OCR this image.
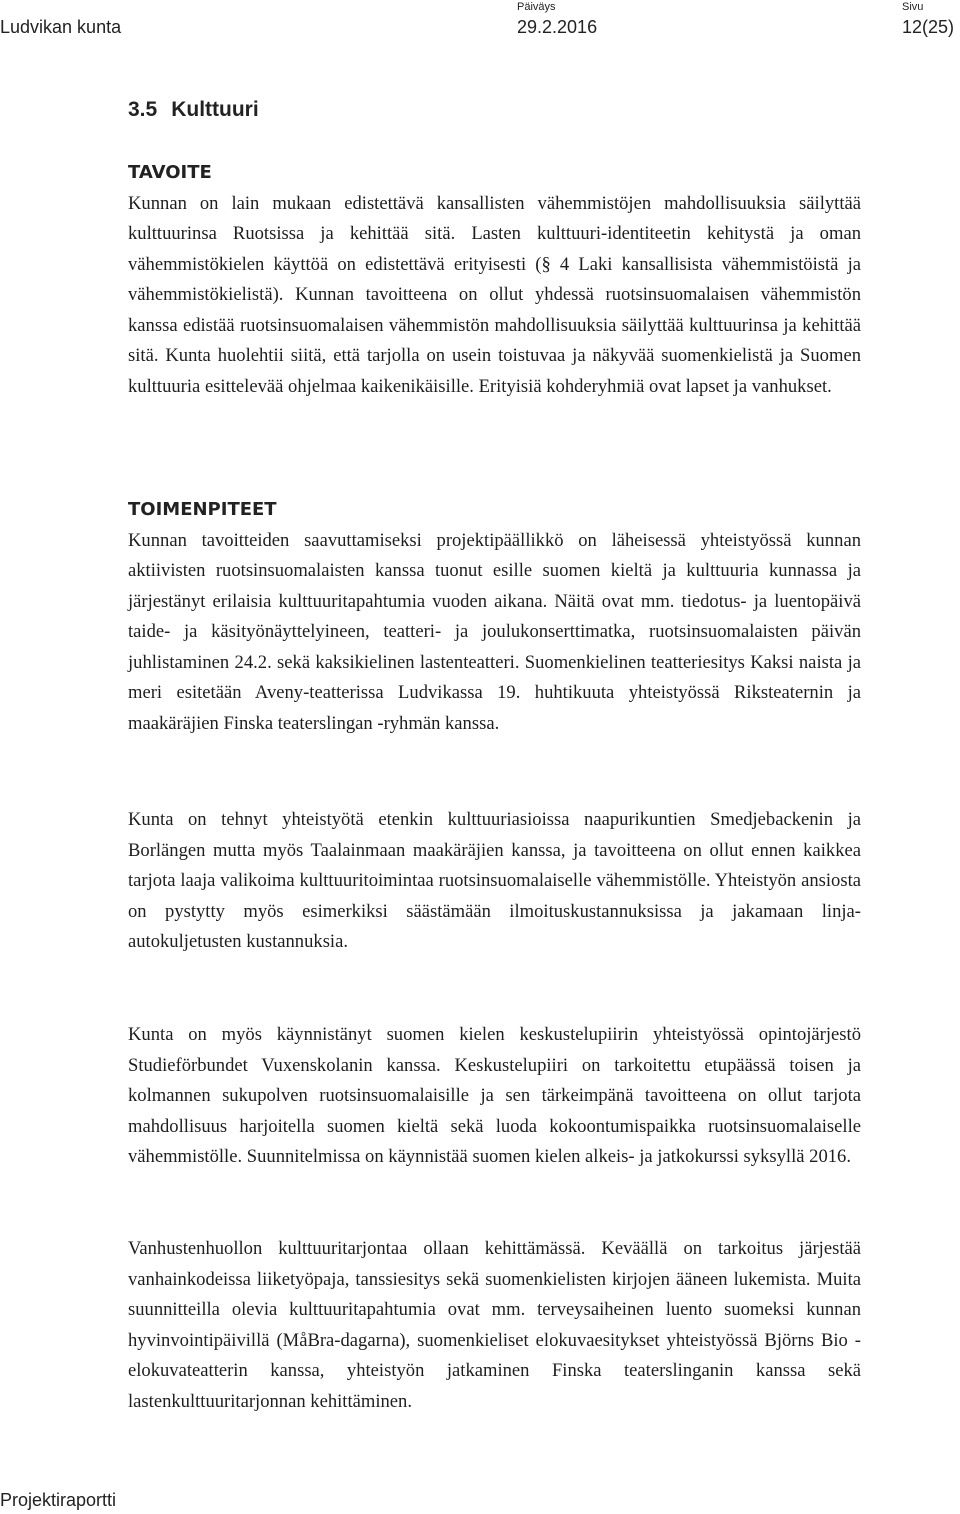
Ludvikan kunta
Päiväys
29.2.2016
Sivu
12(25)
3.5 Kulttuuri
TAVOITE

Kunnan on lain mukaan edistettävä kansallisten vähemmistöjen mahdollisuuksia säilyttää kulttuurinsa Ruotsissa ja kehittää sitä. Lasten kulttuuri-identiteetin kehitystä ja oman vähemmistökielen käyttöä on edistettävä erityisesti (§ 4 Laki kansallisista vähemmistöistä ja vähemmistökielistä). Kunnan tavoitteena on ollut yhdessä ruotsinsuomalaisen vähemmistön kanssa edistää ruotsinsuomalaisen vähemmistön mahdollisuuksia säilyttää kulttuurinsa ja kehittää sitä. Kunta huolehtii siitä, että tarjolla on usein toistuvaa ja näkyvää suomenkielistä ja Suomen kulttuuria esittelevää ohjelmaa kaikenikäisille. Erityisiä kohderyhmiä ovat lapset ja vanhukset.

TOIMENPITEET

Kunnan tavoitteiden saavuttamiseksi projektipäällikkö on läheisessä yhteistyössä kunnan aktiivisten ruotsinsuomalaisten kanssa tuonut esille suomen kieltä ja kulttuuria kunnassa ja järjestänyt erilaisia kulttuuritapahtumia vuoden aikana. Näitä ovat mm. tiedotus- ja luentopäivä taide- ja käsityönäyttelyineen, teatteri- ja joulukonserttimatka, ruotsinsuomalaisten päivän juhlistaminen 24.2. sekä kaksikielinen lastenteatteri. Suomenkielinen teatteriesitys Kaksi naista ja meri esitetään Aveny-teatterissa Ludvikassa 19. huhtikuuta yhteistyössä Riksteaternin ja maakäräjien Finska teaterslingan -ryhmän kanssa.

Kunta on tehnyt yhteistyötä etenkin kulttuuriasioissa naapurikuntien Smedjebackenin ja Borlängen mutta myös Taalainmaan maakäräjien kanssa, ja tavoitteena on ollut ennen kaikkea tarjota laaja valikoima kulttuuritoimintaa ruotsinsuomalaiselle vähemmistölle. Yhteistyön ansiosta on pystytty myös esimerkiksi säästämään ilmoituskustannuksissa ja jakamaan linja-autokuljetusten kustannuksia.

Kunta on myös käynnistänyt suomen kielen keskustelupiirin yhteistyössä opintojärjestö Studieförbundet Vuxenskolanin kanssa. Keskustelupiiri on tarkoitettu etupäässä toisen ja kolmannen sukupolven ruotsinsuomalaisille ja sen tärkeimpänä tavoitteena on ollut tarjota mahdollisuus harjoitella suomen kieltä sekä luoda kokoontumispaikka ruotsinsuomalaiselle vähemmistölle. Suunnitelmissa on käynnistää suomen kielen alkeis- ja jatkokurssi syksyllä 2016.

Vanhustenhuollon kulttuuritarjontaa ollaan kehittämässä. Keväällä on tarkoitus järjestää vanhainkodeissa liiketyöpaja, tanssiesitys sekä suomenkielisten kirjojen ääneen lukemista. Muita suunnitteilla olevia kulttuuritapahtumia ovat mm. terveysaiheinen luento suomeksi kunnan hyvinvointipäivillä (MåBra-dagarna), suomenkieliset elokuvaesitykset yhteistyössä Björns Bio -elokuvateatterin kanssa, yhteistyön jatkaminen Finska teaterslinganin kanssa sekä lastenkulttuuritarjonnan kehittäminen.

Projektiraportti
